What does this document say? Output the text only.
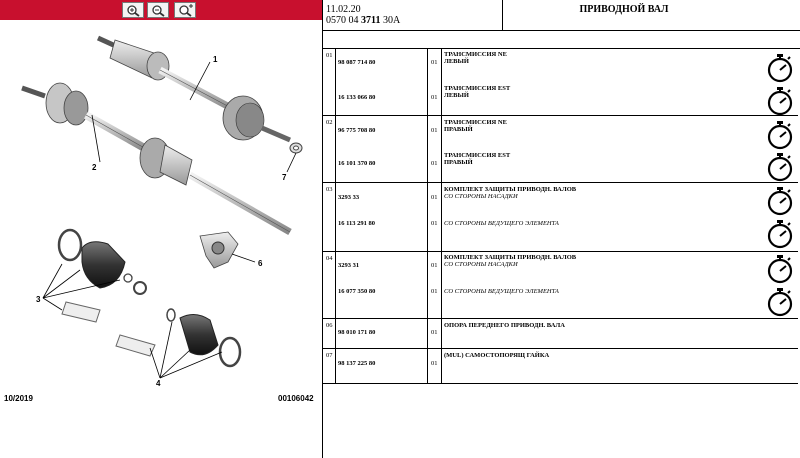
1
2
3
4
6
7
10/2019	00106042
11.02.20
0570 04 3711 30A
ПРИВОДНОЙ ВАЛ
01
98 087 714 80	01
ТРАНСМИССИЯ NE
ЛЕВЫЙ
16 133 066 80	01
ТРАНСМИССИЯ EST
ЛЕВЫЙ
02
96 775 708 80	01
ТРАНСМИССИЯ NE
ПРАВЫЙ
16 101 370 80	01
ТРАНСМИССИЯ EST
ПРАВЫЙ
03
3293 33	01
КОМПЛЕКТ ЗАЩИТЫ ПРИВОДН. ВАЛОВ
СО СТОРОНЫ НАСАДКИ
16 113 291 80	01 СО СТОРОНЫ ВЕДУЩЕГО ЭЛЕМЕНТА
04
3293 31	01
КОМПЛЕКТ ЗАЩИТЫ ПРИВОДН. ВАЛОВ
СО СТОРОНЫ НАСАДКИ
16 077 350 80	01 СО СТОРОНЫ ВЕДУЩЕГО ЭЛЕМЕНТА
06
98 010 171 80	01
ОПОРА ПЕРЕДНЕГО ПРИВОДН. ВАЛА
07
98 137 225 80	01
(MUL) САМОСТОПОРЯЩ ГАЙКА
